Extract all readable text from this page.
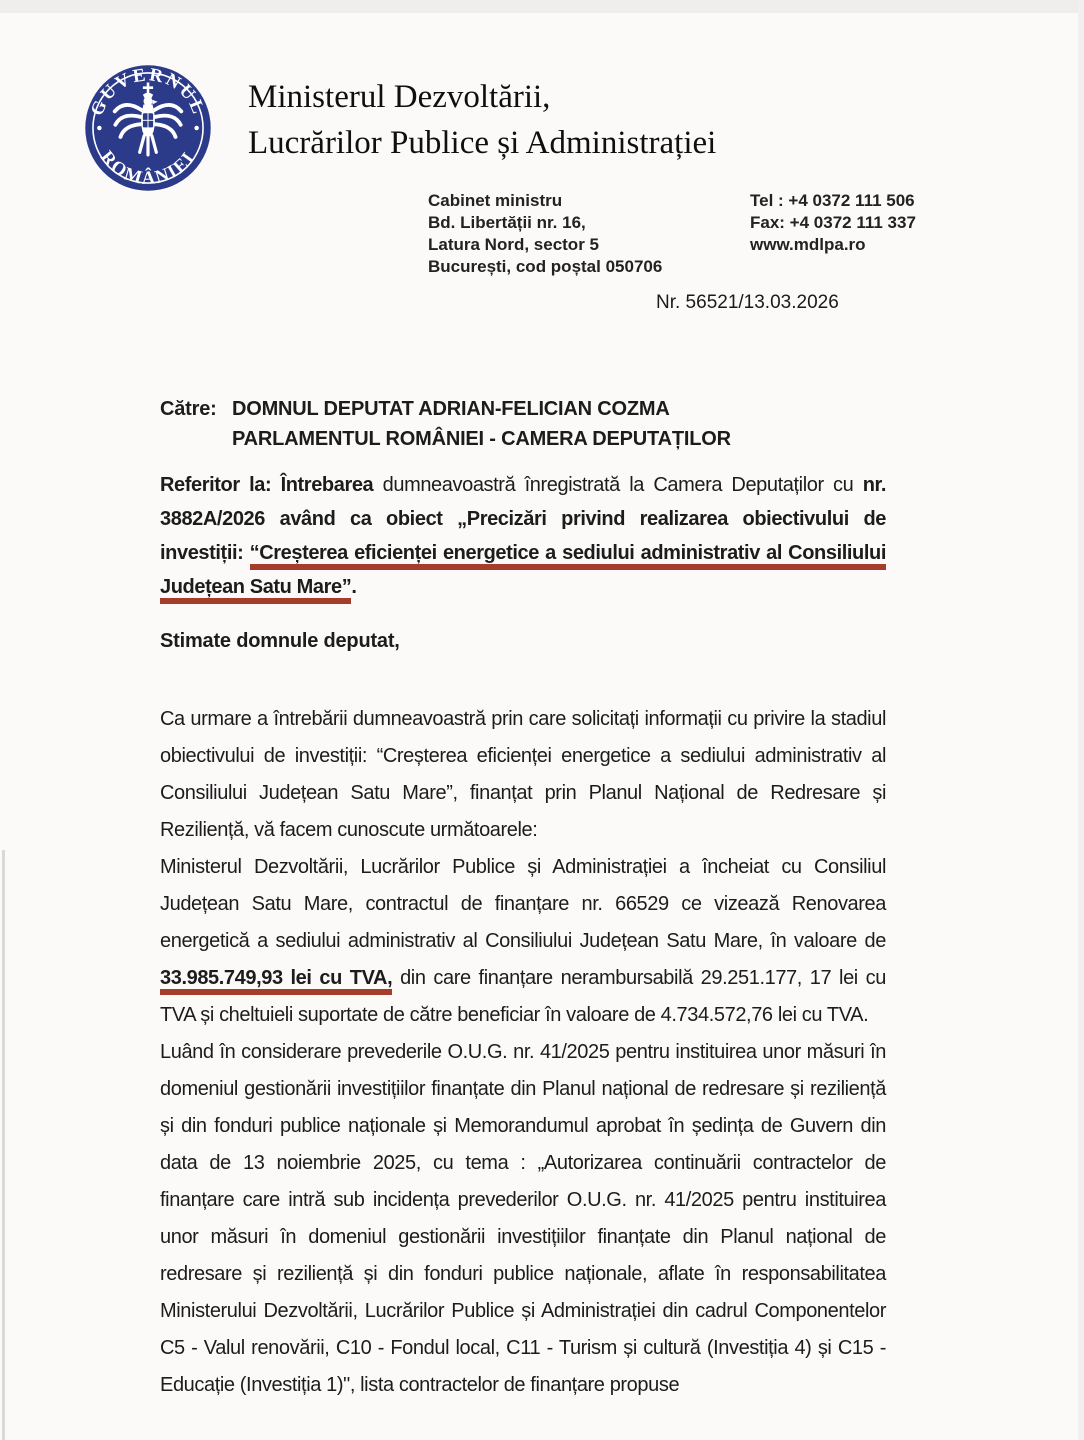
GUVERNUL
ROMÂNIEI
Ministerul Dezvoltării,
Lucrărilor Publice și Administrației
Cabinet ministru
Bd. Libertății nr. 16,
Latura Nord, sector 5
București, cod poștal 050706
Tel : +4 0372 111 506
Fax: +4 0372 111 337
www.mdlpa.ro
Nr. 56521/13.03.2026
Către: DOMNUL DEPUTAT ADRIAN-FELICIAN COZMA
PARLAMENTUL ROMÂNIEI - CAMERA DEPUTAȚILOR

Referitor la: Întrebarea dumneavoastră înregistrată la Camera Deputaților cu nr. 3882A/2026 având ca obiect „Precizări privind realizarea obiectivului de investiții: “Creșterea eficienței energetice a sediului administrativ al Consiliului Județean Satu Mare”.

Stimate domnule deputat,

Ca urmare a întrebării dumneavoastră prin care solicitați informații cu privire la stadiul obiectivului de investiții: “Creșterea eficienței energetice a sediului administrativ al Consiliului Județean Satu Mare”, finanțat prin Planul Național de Redresare și Reziliență, vă facem cunoscute următoarele:

Ministerul Dezvoltării, Lucrărilor Publice și Administrației a încheiat cu Consiliul Județean Satu Mare, contractul de finanțare nr. 66529 ce vizează Renovarea energetică a sediului administrativ al Consiliului Județean Satu Mare, în valoare de 33.985.749,93 lei cu TVA, din care finanțare nerambursabilă 29.251.177, 17 lei cu TVA și cheltuieli suportate de către beneficiar în valoare de 4.734.572,76 lei cu TVA.

Luând în considerare prevederile O.U.G. nr. 41/2025 pentru instituirea unor măsuri în domeniul gestionării investițiilor finanțate din Planul național de redresare și reziliență și din fonduri publice naționale și Memorandumul aprobat în ședința de Guvern din data de 13 noiembrie 2025, cu tema : „Autorizarea continuării contractelor de finanțare care intră sub incidența prevederilor O.U.G. nr. 41/2025 pentru instituirea unor măsuri în domeniul gestionării investițiilor finanțate din Planul național de redresare și reziliență și din fonduri publice naționale, aflate în responsabilitatea Ministerului Dezvoltării, Lucrărilor Publice și Administrației din cadrul Componentelor C5 - Valul renovării, C10 - Fondul local, C11 - Turism și cultură (Investiția 4) și C15 - Educație (Investiția 1)", lista contractelor de finanțare propuse
